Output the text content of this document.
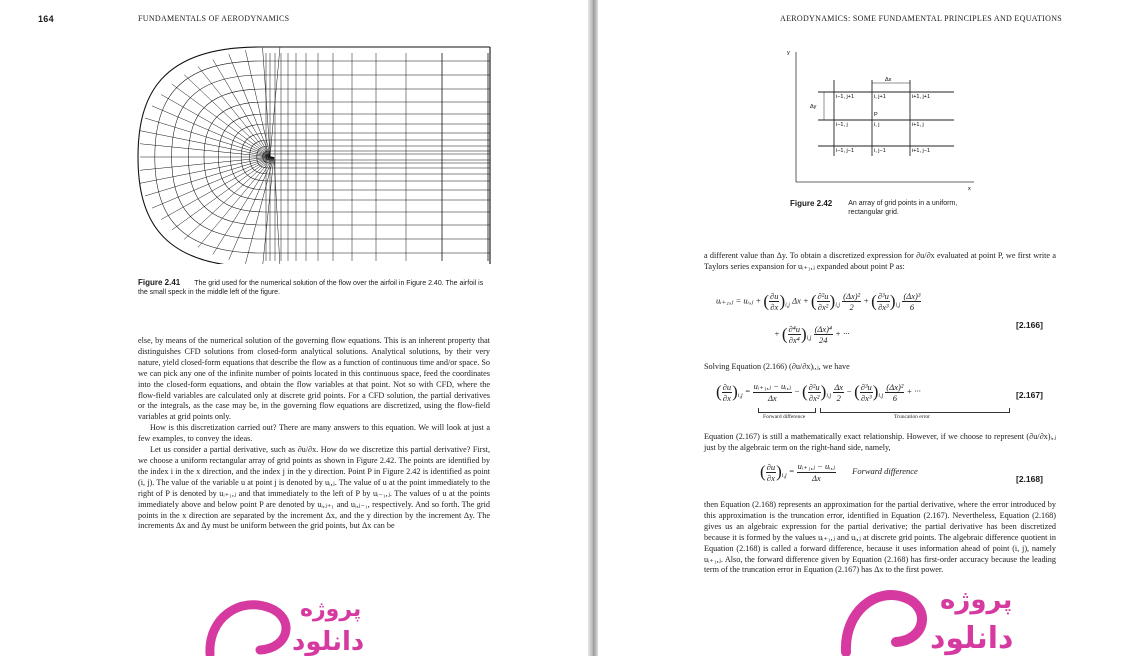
164	FUNDAMENTALS OF AERODYNAMICS
Figure 2.41 The grid used for the numerical solution of the flow over the airfoil in Figure 2.40. The airfoil is the small speck in the middle left of the figure.

else, by means of the numerical solution of the governing flow equations. This is an inherent property that distinguishes CFD solutions from closed-form analytical solutions. Analytical solutions, by their very nature, yield closed-form equations that describe the flow as a function of continuous time and/or space. So we can pick any one of the infinite number of points located in this continuous space, feed the coordinates into the closed-form equations, and obtain the flow variables at that point. Not so with CFD, where the flow-field variables are calculated only at discrete grid points. For a CFD solution, the partial derivatives or the integrals, as the case may be, in the governing flow equations are discretized, using the flow-field variables at grid points only.

How is this discretization carried out? There are many answers to this equation. We will look at just a few examples, to convey the ideas.

Let us consider a partial derivative, such as ∂u/∂x. How do we discretize this partial derivative? First, we choose a uniform rectangular array of grid points as shown in Figure 2.42. The points are identified by the index i in the x direction, and the index j in the y direction. Point P in Figure 2.42 is identified as point (i, j). The value of the variable u at point j is denoted by uᵢ,ⱼ. The value of u at the point immediately to the right of P is denoted by uᵢ₊₁,ⱼ and that immediately to the left of P by uᵢ₋₁,ⱼ. The values of u at the points immediately above and below point P are denoted by uᵢ,ⱼ₊₁ and uᵢ,ⱼ₋₁, respectively. And so forth. The grid points in the x direction are separated by the increment Δx, and the y direction by the increment Δy. The increments Δx and Δy must be uniform between the grid points, but Δx can be

AERODYNAMICS: SOME FUNDAMENTAL PRINCIPLES AND EQUATIONS
y
x
Δx
Δy
P
i−1, j+1	i, j+1	i+1, j+1
i−1, j	i, j	i+1, j
i−1, j−1	i, j−1	i+1, j−1
Figure 2.42 An array of grid points in a uniform, rectangular grid.
a different value than Δy. To obtain a discretized expression for ∂u/∂x evaluated at point P, we first write a Taylors series expansion for uᵢ₊₁,ⱼ expanded about point P as:
uᵢ₊₁,ⱼ = uᵢ,ⱼ + ( $\frac{\partial u}{\partial x} )_{i,j}$ Δx + ( $\frac{\text{∂²u}}{\text{∂x²}} )_{i,j} \frac{\text{(Δx)²}}{2}$ + ( $\frac{\text{∂³u}}{\text{∂x³}} )_{i,j} \frac{\text{(Δx)³}}{6}$
+ ( $\frac{\text{∂⁴u}}{\text{∂x⁴}} )_{i,j} \frac{\text{(Δx)⁴}}{24}$ + ···
[2.166]
Solving Equation (2.166) (∂u/∂x)ᵢ,ⱼ, we have
( $\frac{\partial u}{\partial x} )_{i,j} = \frac{\text{uᵢ₊₁,ⱼ − uᵢ,ⱼ}}{\Delta x}$ − ( $\frac{\text{∂²u}}{\text{∂x²}} )_{i,j} \frac{\Delta x}{2}$ − ( $\frac{\text{∂³u}}{\text{∂x³}} )_{i,j} \frac{\text{(Δx)²}}{6}$ + ···
Forward difference	Truncation error
[2.167]
Equation (2.167) is still a mathematically exact relationship. However, if we choose to represent (∂u/∂x)ᵢ,ⱼ just by the algebraic term on the right-hand side, namely,
( $\frac{\partial u}{\partial x} )_{i,j} = \frac{\text{uᵢ₊₁,ⱼ − uᵢ,ⱼ}}{\Delta x}$ Forward difference
[2.168]
then Equation (2.168) represents an approximation for the partial derivative, where the error introduced by this approximation is the truncation error, identified in Equation (2.167). Nevertheless, Equation (2.168) gives us an algebraic expression for the partial derivative; the partial derivative has been discretized because it is formed by the values uᵢ₊₁,ⱼ and uᵢ,ⱼ at discrete grid points. The algebraic difference quotient in Equation (2.168) is called a forward difference, because it uses information ahead of point (i, j), namely uᵢ₊₁,ⱼ. Also, the forward difference given by Equation (2.168) has first-order accuracy because the leading term of the truncation error in Equation (2.167) has Δx to the first power.
پروژه
دانلود
پروژه
دانلود
